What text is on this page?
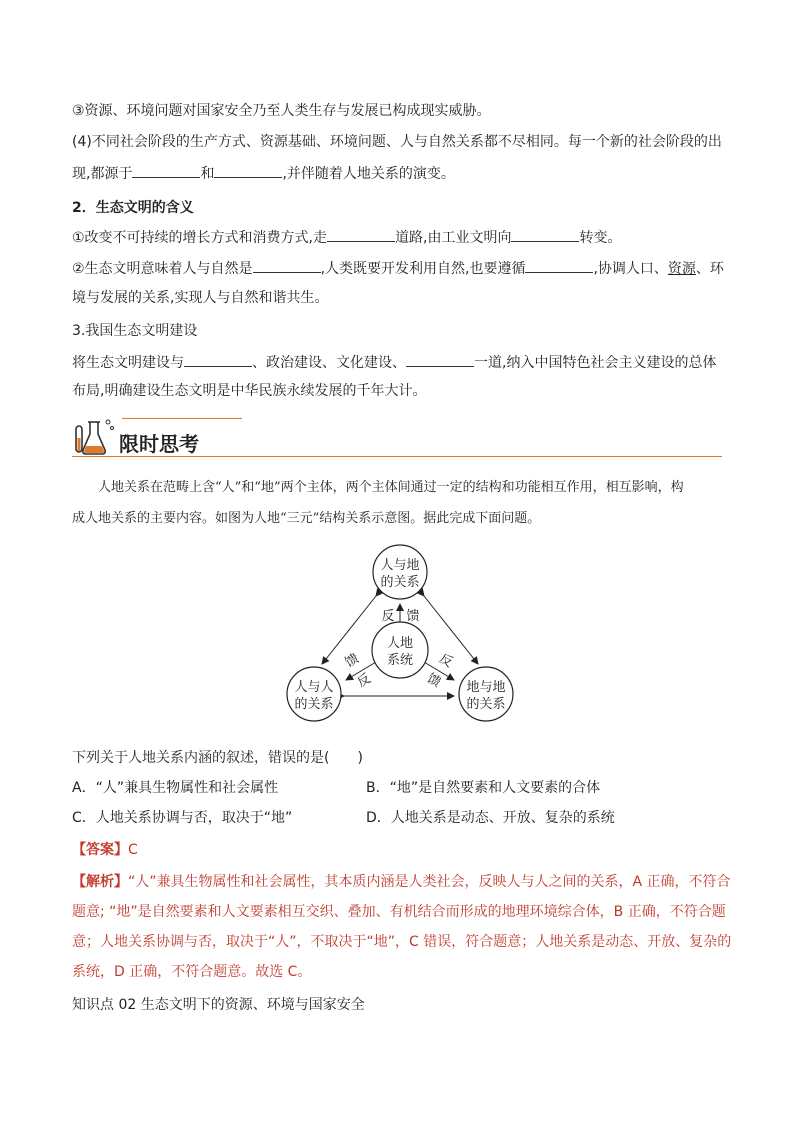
③资源、环境问题对国家安全乃至人类生存与发展已构成现实威胁。
(4)不同社会阶段的生产方式、资源基础、环境问题、人与自然关系都不尽相同。每一个新的社会阶段的出
现,都源于	和	,并伴随着人地关系的演变。
2．生态文明的含义
①改变不可持续的增长方式和消费方式,走	道路,由工业文明向	转变。
②生态文明意味着人与自然是	,人类既要开发利用自然,也要遵循	,协调人口、资源、环
境与发展的关系,实现人与自然和谐共生。
3.我国生态文明建设
将生态文明建设与	、政治建设、文化建设、	一道,纳入中国特色社会主义建设的总体
布局,明确建设生态文明是中华民族永续发展的千年大计。
限时思考
人地关系在范畴上含“人”和“地”两个主体，两个主体间通过一定的结构和功能相互作用，相互影响，构
成人地关系的主要内容。如图为人地“三元”结构关系示意图。据此完成下面问题。
人与地
的关系
人地
系统
人与人
的关系
地与地
的关系
反 馈
馈
反
反
馈
下列关于人地关系内涵的叙述，错误的是(　　)
A．“人”兼具生物属性和社会属性	B．“地”是自然要素和人文要素的合体
C．人地关系协调与否，取决于“地”	D．人地关系是动态、开放、复杂的系统
【答案】C
【解析】“人”兼具生物属性和社会属性，其本质内涵是人类社会，反映人与人之间的关系，A 正确，不符合
题意; “地”是自然要素和人文要素相互交织、叠加、有机结合而形成的地理环境综合体，B 正确，不符合题
意；人地关系协调与否，取决于“人”，不取决于“地”，C 错误，符合题意；人地关系是动态、开放、复杂的
系统，D 正确，不符合题意。故选 C。
知识点 02 生态文明下的资源、环境与国家安全
